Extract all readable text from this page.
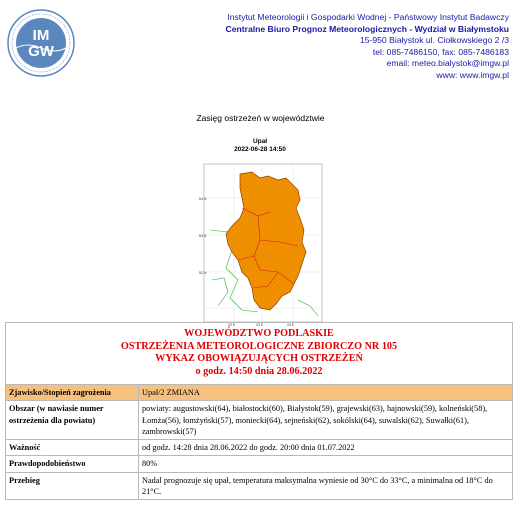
IM
GW
Instytut Meteorologii i Gospodarki Wodnej - Państwowy Instytut Badawczy
Centralne Biuro Prognoz Meteorologicznych - Wydział w Białymstoku
15-950 Białystok ul. Ciołkowskiego 2 /3
tel: 085-7486150, fax: 085-7486183
email: meteo.bialystok@imgw.pl
www: www.imgw.pl
Zasięg ostrzeżeń w województwie
Upał
2022-06-28 14:50
54 N
53 N
52 N
22 E	23 E	24 E
WOJEWÓDZTWO PODLASKIE
OSTRZEŻENIA METEOROLOGICZNE ZBIORCZO NR 105
WYKAZ OBOWIĄZUJĄCYCH OSTRZEŻEŃ
o godz. 14:50 dnia 28.06.2022	

Zjawisko/Stopień zagrożenia	Upał/2 ZMIANA
Obszar (w nawiasie numer ostrzeżenia dla powiatu)	powiaty: augustowski(64), białostocki(60), Białystok(59), grajewski(63), hajnowski(59), kolneński(58), Łomża(56), łomżyński(57), moniecki(64), sejneński(62), sokólski(64), suwalski(62), Suwałki(61), zambrowski(57)
Ważność	od godz. 14:28 dnia 28.06.2022 do godz. 20:00 dnia 01.07.2022
Prawdopodobieństwo	80%
Przebieg	Nadal prognozuje się upał, temperatura maksymalna wyniesie od 30°C do 33°C, a minimalna od 18°C do 21°C.
